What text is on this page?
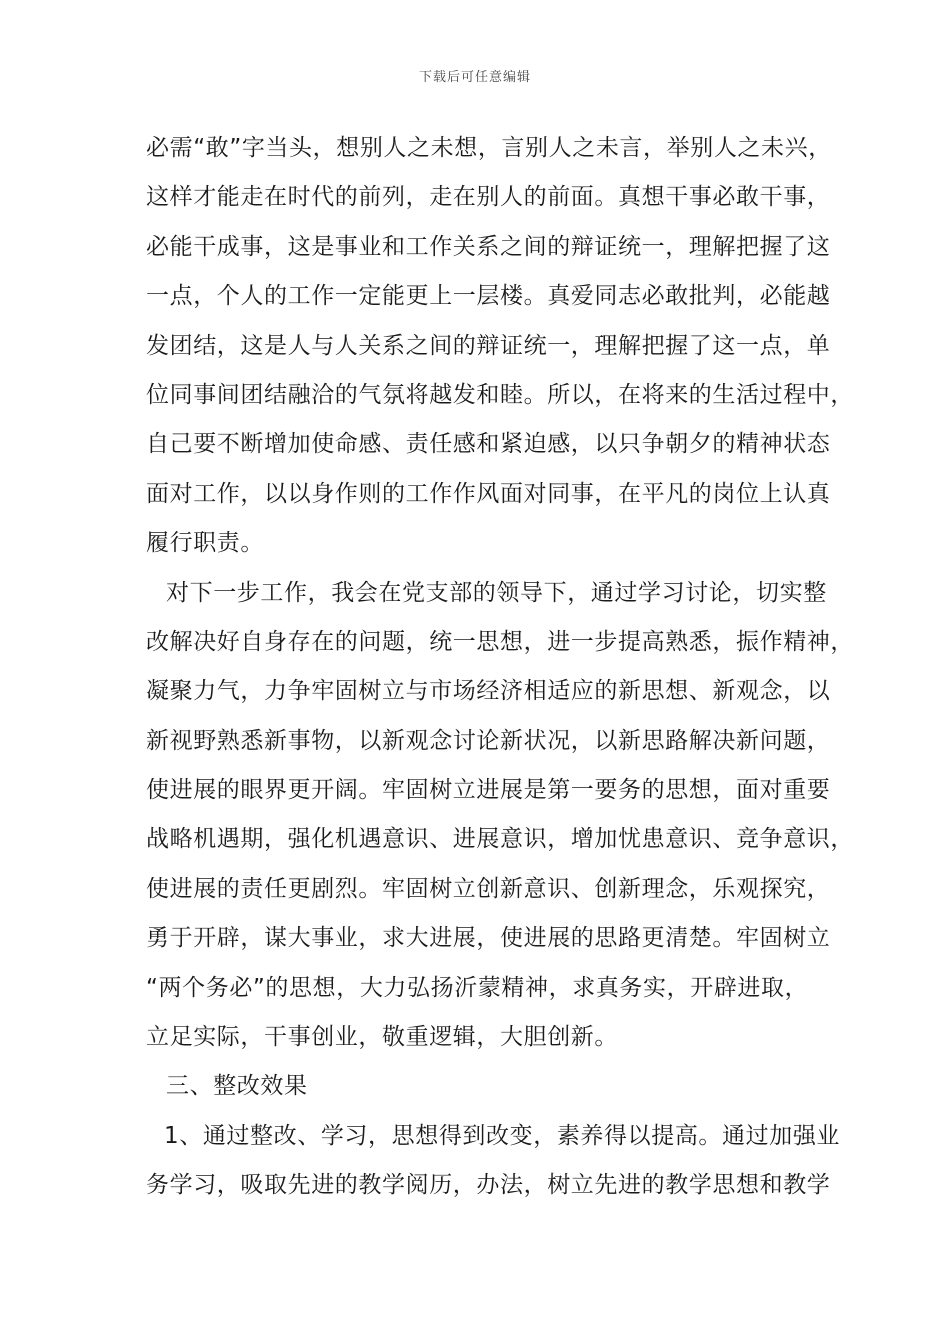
下载后可任意编辑
必需“敢”字当头，想别人之未想，言别人之未言，举别人之未兴，
这样才能走在时代的前列，走在别人的前面。真想干事必敢干事，
必能干成事，这是事业和工作关系之间的辩证统一，理解把握了这
一点，个人的工作一定能更上一层楼。真爱同志必敢批判，必能越
发团结，这是人与人关系之间的辩证统一，理解把握了这一点，单
位同事间团结融洽的气氛将越发和睦。所以，在将来的生活过程中，
自己要不断增加使命感、责任感和紧迫感，以只争朝夕的精神状态
面对工作，以以身作则的工作作风面对同事，在平凡的岗位上认真
履行职责。
对下一步工作，我会在党支部的领导下，通过学习讨论，切实整
改解决好自身存在的问题，统一思想，进一步提高熟悉，振作精神，
凝聚力气，力争牢固树立与市场经济相适应的新思想、新观念，以
新视野熟悉新事物，以新观念讨论新状况，以新思路解决新问题，
使进展的眼界更开阔。牢固树立进展是第一要务的思想，面对重要
战略机遇期，强化机遇意识、进展意识，增加忧患意识、竞争意识，
使进展的责任更剧烈。牢固树立创新意识、创新理念，乐观探究，
勇于开辟，谋大事业，求大进展，使进展的思路更清楚。牢固树立
“两个务必”的思想，大力弘扬沂蒙精神，求真务实，开辟进取，
立足实际，干事创业，敬重逻辑，大胆创新。
三、整改效果
1、通过整改、学习，思想得到改变，素养得以提高。通过加强业
务学习，吸取先进的教学阅历，办法，树立先进的教学思想和教学
